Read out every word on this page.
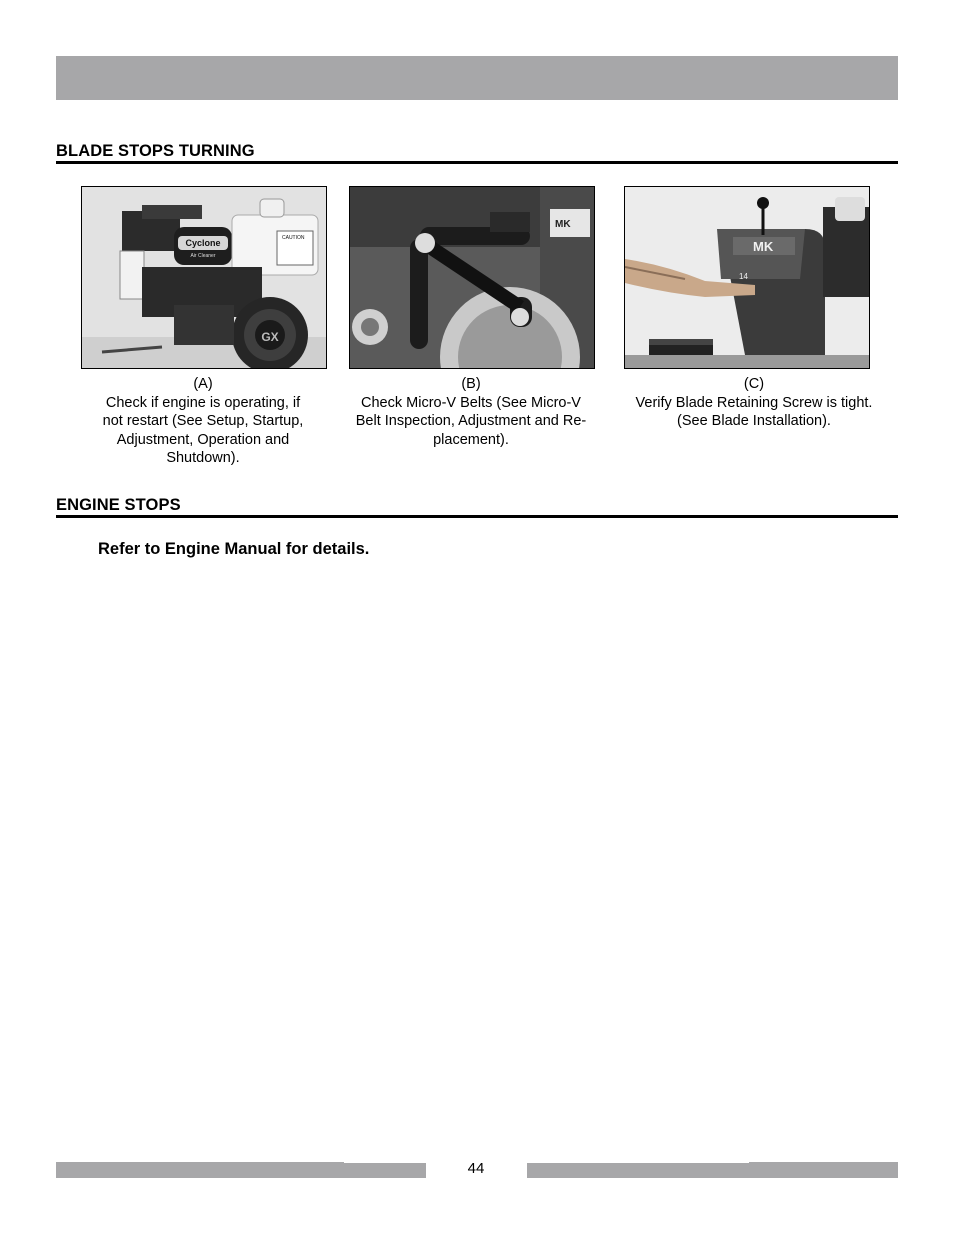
BLADE STOPS TURNING
Cyclone
Air Cleaner
CAUTION
GX
(A)
Check if engine is operating, if
not restart (See Setup, Startup,
Adjustment, Operation and
Shutdown).
MK
(B)
Check Micro-V Belts (See Micro-V
Belt Inspection, Adjustment and Re-
placement).
MK
14
(C)
Verify Blade Retaining Screw is tight.
(See Blade Installation).
ENGINE STOPS
Refer to Engine Manual for details.
44
